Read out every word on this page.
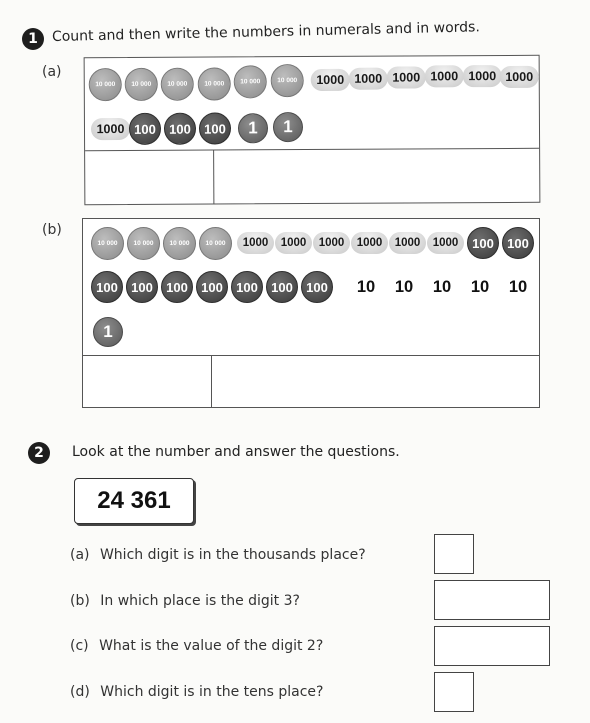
1 Count and then write the numbers in numerals and in words.
(a)
10 000	10 000	10 000	10 000	10 000	10 000	1000 1000 1000 1000 1000 1000
1000 100	100	100	1	1
(b)
10 000	10 000	10 000	10 000	1000	1000	1000	1000	1000	1000	100	100
100	100	100	100	100	100	100	10	10	10	10	10
1
2	Look at the number and answer the questions.
24 361
(a) Which digit is in the thousands place?
(b) In which place is the digit 3?
(c) What is the value of the digit 2?
(d) Which digit is in the tens place?
